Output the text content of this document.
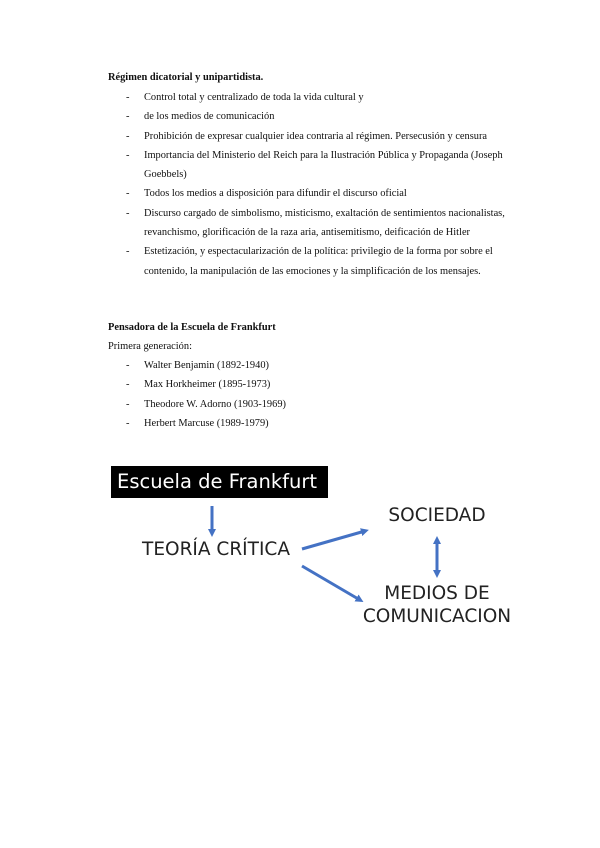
Régimen dicatorial y unipartidista.
- Control total y centralizado de toda la vida cultural y
- de los medios de comunicación
- Prohibición de expresar cualquier idea contraria al régimen. Persecusión y censura
- Importancia del Ministerio del Reich para la Ilustración Pública y Propaganda (Joseph Goebbels)
- Todos los medios a disposición para difundir el discurso oficial
- Discurso cargado de simbolismo, misticismo, exaltación de sentimientos nacionalistas, revanchismo, glorificación de la raza aria, antisemitismo, deificación de Hitler
- Estetización, y espectacularización de la política: privilegio de la forma por sobre el contenido, la manipulación de las emociones y la simplificación de los mensajes.
Pensadora de la Escuela de Frankfurt
Primera generación:
- Walter Benjamin (1892-1940)
- Max Horkheimer (1895-1973)
- Theodore W. Adorno (1903-1969)
- Herbert Marcuse (1989-1979)
Escuela de Frankfurt
TEORÍA CRÍTICA
SOCIEDAD
MEDIOS DE
COMUNICACION
